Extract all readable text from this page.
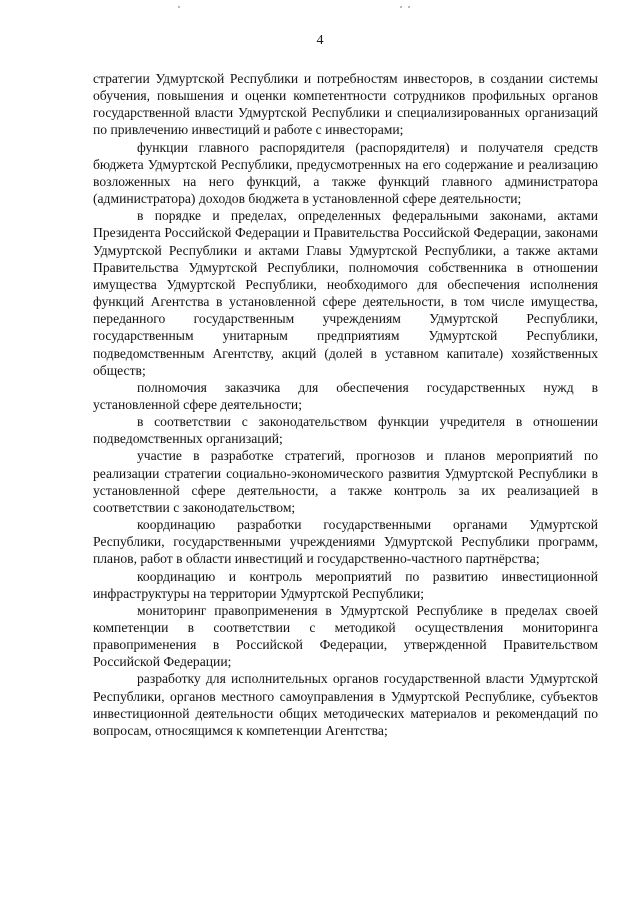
4

стратегии Удмуртской Республики и потребностям инвесторов, в создании системы обучения, повышения и оценки компетентности сотрудников профильных органов государственной власти Удмуртской Республики и специализированных организаций по привлечению инвестиций и работе с инвесторами;

функции главного распорядителя (распорядителя) и получателя средств бюджета Удмуртской Республики, предусмотренных на его содержание и реализацию возложенных на него функций, а также функций главного администратора (администратора) доходов бюджета в установленной сфере деятельности;

в порядке и пределах, определенных федеральными законами, актами Президента Российской Федерации и Правительства Российской Федерации, законами Удмуртской Республики и актами Главы Удмуртской Республики, а также актами Правительства Удмуртской Республики, полномочия собственника в отношении имущества Удмуртской Республики, необходимого для обеспечения исполнения функций Агентства в установленной сфере деятельности, в том числе имущества, переданного государственным учреждениям Удмуртской Республики, государственным унитарным предприятиям Удмуртской Республики, подведомственным Агентству, акций (долей в уставном капитале) хозяйственных обществ;

полномочия заказчика для обеспечения государственных нужд в установленной сфере деятельности;

в соответствии с законодательством функции учредителя в отношении подведомственных организаций;

участие в разработке стратегий, прогнозов и планов мероприятий по реализации стратегии социально-экономического развития Удмуртской Республики в установленной сфере деятельности, а также контроль за их реализацией в соответствии с законодательством;

координацию разработки государственными органами Удмуртской Республики, государственными учреждениями Удмуртской Республики программ, планов, работ в области инвестиций и государственно-частного партнёрства;

координацию и контроль мероприятий по развитию инвестиционной инфраструктуры на территории Удмуртской Республики;

мониторинг правоприменения в Удмуртской Республике в пределах своей компетенции в соответствии с методикой осуществления мониторинга правоприменения в Российской Федерации, утвержденной Правительством Российской Федерации;

разработку для исполнительных органов государственной власти Удмуртской Республики, органов местного самоуправления в Удмуртской Республике, субъектов инвестиционной деятельности общих методических материалов и рекомендаций по вопросам, относящимся к компетенции Агентства;
